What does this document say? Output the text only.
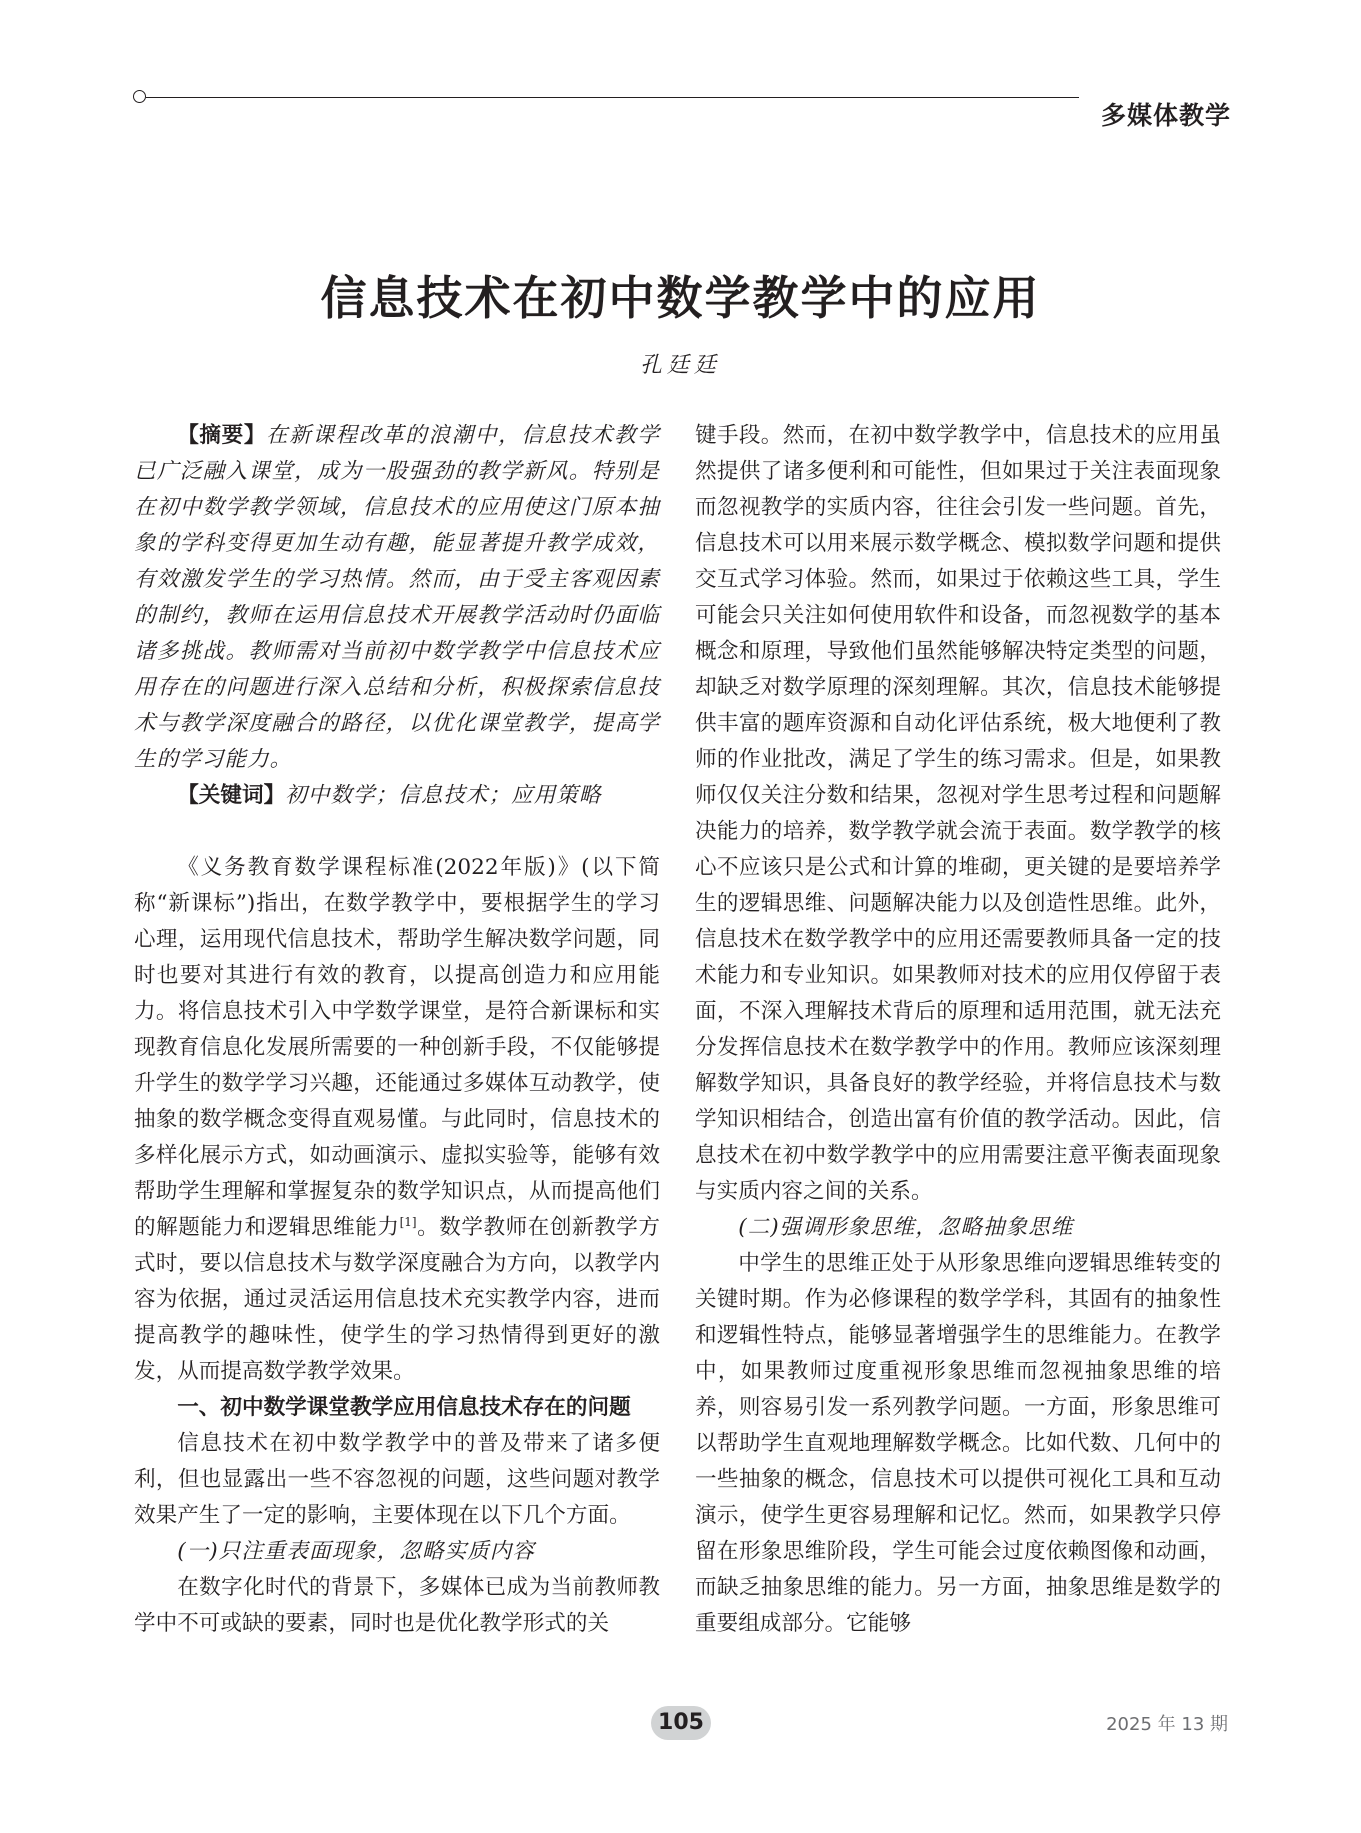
多媒体教学
信息技术在初中数学教学中的应用
孔廷廷

【摘要】在新课程改革的浪潮中，信息技术教学已广泛融入课堂，成为一股强劲的教学新风。特别是在初中数学教学领域，信息技术的应用使这门原本抽象的学科变得更加生动有趣，能显著提升教学成效，有效激发学生的学习热情。然而，由于受主客观因素的制约，教师在运用信息技术开展教学活动时仍面临诸多挑战。教师需对当前初中数学教学中信息技术应用存在的问题进行深入总结和分析，积极探索信息技术与教学深度融合的路径，以优化课堂教学，提高学生的学习能力。

【关键词】初中数学；信息技术；应用策略

《义务教育数学课程标准(2022年版)》(以下简称“新课标”)指出，在数学教学中，要根据学生的学习心理，运用现代信息技术，帮助学生解决数学问题，同时也要对其进行有效的教育，以提高创造力和应用能力。将信息技术引入中学数学课堂，是符合新课标和实现教育信息化发展所需要的一种创新手段，不仅能够提升学生的数学学习兴趣，还能通过多媒体互动教学，使抽象的数学概念变得直观易懂。与此同时，信息技术的多样化展示方式，如动画演示、虚拟实验等，能够有效帮助学生理解和掌握复杂的数学知识点，从而提高他们的解题能力和逻辑思维能力[1]。数学教师在创新教学方式时，要以信息技术与数学深度融合为方向，以教学内容为依据，通过灵活运用信息技术充实教学内容，进而提高教学的趣味性，使学生的学习热情得到更好的激发，从而提高数学教学效果。

一、初中数学课堂教学应用信息技术存在的问题

信息技术在初中数学教学中的普及带来了诸多便利，但也显露出一些不容忽视的问题，这些问题对教学效果产生了一定的影响，主要体现在以下几个方面。

(一)只注重表面现象，忽略实质内容

在数字化时代的背景下，多媒体已成为当前教师教学中不可或缺的要素，同时也是优化教学形式的关

键手段。然而，在初中数学教学中，信息技术的应用虽然提供了诸多便利和可能性，但如果过于关注表面现象而忽视教学的实质内容，往往会引发一些问题。首先，信息技术可以用来展示数学概念、模拟数学问题和提供交互式学习体验。然而，如果过于依赖这些工具，学生可能会只关注如何使用软件和设备，而忽视数学的基本概念和原理，导致他们虽然能够解决特定类型的问题，却缺乏对数学原理的深刻理解。其次，信息技术能够提供丰富的题库资源和自动化评估系统，极大地便利了教师的作业批改，满足了学生的练习需求。但是，如果教师仅仅关注分数和结果，忽视对学生思考过程和问题解决能力的培养，数学教学就会流于表面。数学教学的核心不应该只是公式和计算的堆砌，更关键的是要培养学生的逻辑思维、问题解决能力以及创造性思维。此外，信息技术在数学教学中的应用还需要教师具备一定的技术能力和专业知识。如果教师对技术的应用仅停留于表面，不深入理解技术背后的原理和适用范围，就无法充分发挥信息技术在数学教学中的作用。教师应该深刻理解数学知识，具备良好的教学经验，并将信息技术与数学知识相结合，创造出富有价值的教学活动。因此，信息技术在初中数学教学中的应用需要注意平衡表面现象与实质内容之间的关系。

(二)强调形象思维，忽略抽象思维

中学生的思维正处于从形象思维向逻辑思维转变的关键时期。作为必修课程的数学学科，其固有的抽象性和逻辑性特点，能够显著增强学生的思维能力。在教学中，如果教师过度重视形象思维而忽视抽象思维的培养，则容易引发一系列教学问题。一方面，形象思维可以帮助学生直观地理解数学概念。比如代数、几何中的一些抽象的概念，信息技术可以提供可视化工具和互动演示，使学生更容易理解和记忆。然而，如果教学只停留在形象思维阶段，学生可能会过度依赖图像和动画，而缺乏抽象思维的能力。另一方面，抽象思维是数学的重要组成部分。它能够

105	2025 年 13 期
